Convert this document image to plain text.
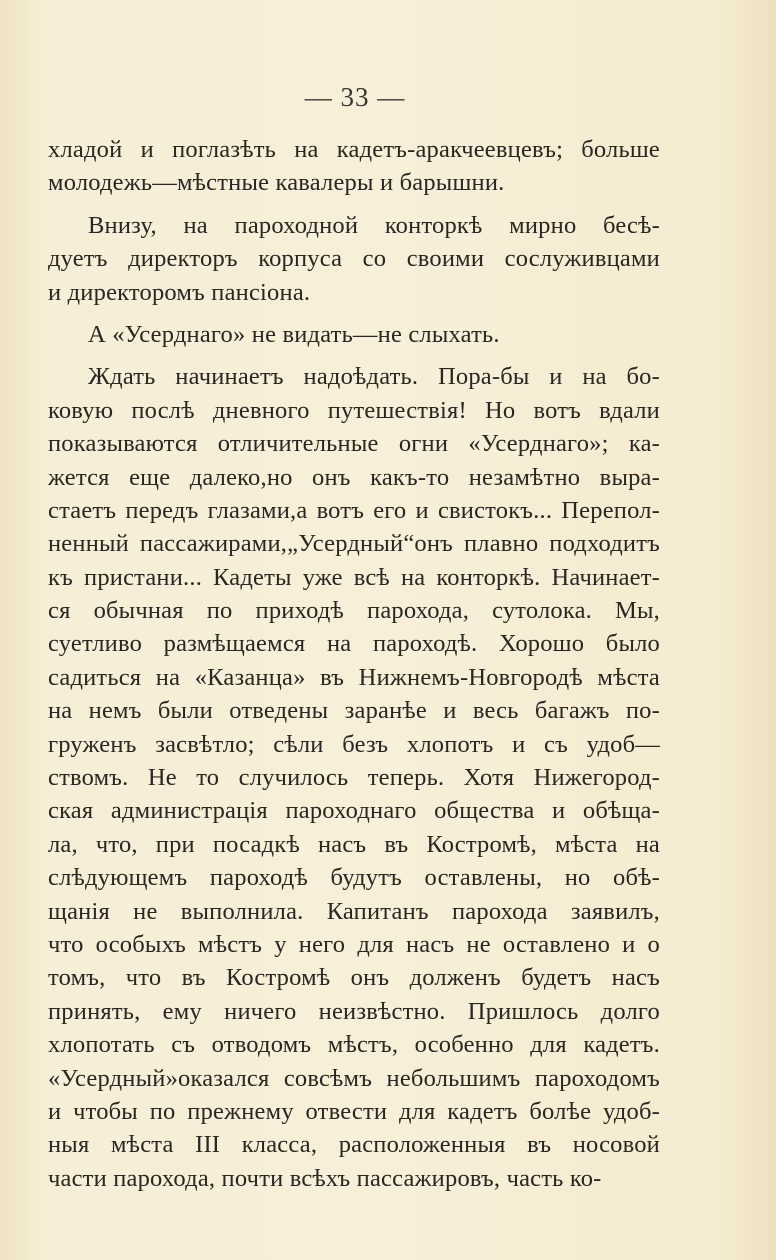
— 33 —
хладой и поглазѣть на кадетъ-аракчеевцевъ; больше
молодежь—мѣстные кавалеры и барышни.
Внизу, на пароходной конторкѣ мирно бесѣ-
дуетъ директоръ корпуса со своими сослуживцами
и директоромъ пансіона.
А «Усерднаго» не видать—не слыхать.
Ждать начинаетъ надоѣдать. Пора-бы и на бо-
ковую послѣ дневного путешествія! Но вотъ вдали
показываются отличительные огни «Усерднаго»; ка-
жется еще далеко,но онъ какъ-то незамѣтно выра-
стаетъ передъ глазами,а вотъ его и свистокъ... Перепол-
ненный пассажирами,„Усердный“онъ плавно подходитъ
къ пристани... Кадеты уже всѣ на конторкѣ. Начинает-
ся обычная по приходѣ парохода, сутолока. Мы,
суетливо размѣщаемся на пароходѣ. Хорошо было
садиться на «Казанца» въ Нижнемъ-Новгородѣ мѣста
на немъ были отведены заранѣе и весь багажъ по-
груженъ засвѣтло; сѣли безъ хлопотъ и съ удоб—
ствомъ. Не то случилось теперь. Хотя Нижегород-
ская администрація пароходнаго общества и обѣща-
ла, что, при посадкѣ насъ въ Костромѣ, мѣста на
слѣдующемъ пароходѣ будутъ оставлены, но обѣ-
щанія не выполнила. Капитанъ парохода заявилъ,
что особыхъ мѣстъ у него для насъ не оставлено и о
томъ, что въ Костромѣ онъ долженъ будетъ насъ
принять, ему ничего неизвѣстно. Пришлось долго
хлопотать съ отводомъ мѣстъ, особенно для кадетъ.
«Усердный»оказался совсѣмъ небольшимъ пароходомъ
и чтобы по прежнему отвести для кадетъ болѣе удоб-
ныя мѣста III класса, расположенныя въ носовой
части парохода, почти всѣхъ пассажировъ, часть ко-
